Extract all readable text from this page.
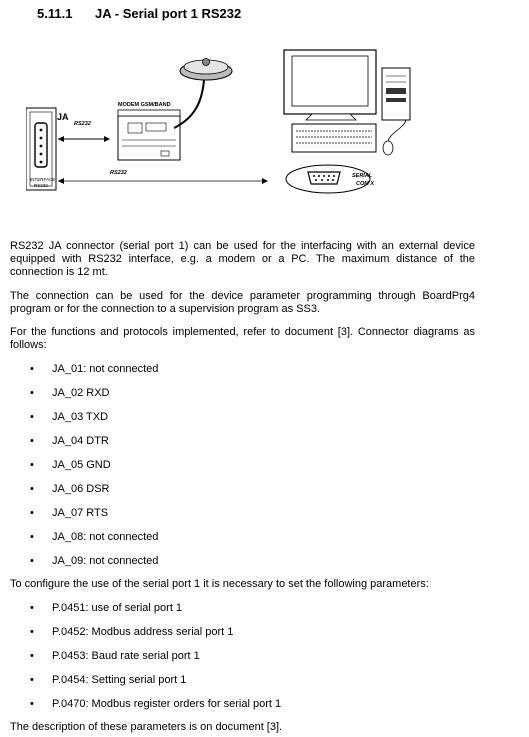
5.11.1 JA - Serial port 1 RS232
JA
INTERFACE
RS232
RS232
MODEM GSM/BAND
RS232	SERIAL
COM X
RS232 JA connector (serial port 1) can be used for the interfacing with an external device equipped with RS232 interface, e.g. a modem or a PC. The maximum distance of the connection is 12 mt.
The connection can be used for the device parameter programming through BoardPrg4 program or for the connection to a supervision program as SS3.
For the functions and protocols implemented, refer to document [3]. Connector diagrams as follows:
• JA_01: not connected
• JA_02 RXD
• JA_03 TXD
• JA_04 DTR
• JA_05 GND
• JA_06 DSR
• JA_07 RTS
• JA_08: not connected
• JA_09: not connected
To configure the use of the serial port 1 it is necessary to set the following parameters:
• P.0451: use of serial port 1
• P.0452: Modbus address serial port 1
• P.0453: Baud rate serial port 1
• P.0454: Setting serial port 1
• P.0470: Modbus register orders for serial port 1
The description of these parameters is on document [3].
